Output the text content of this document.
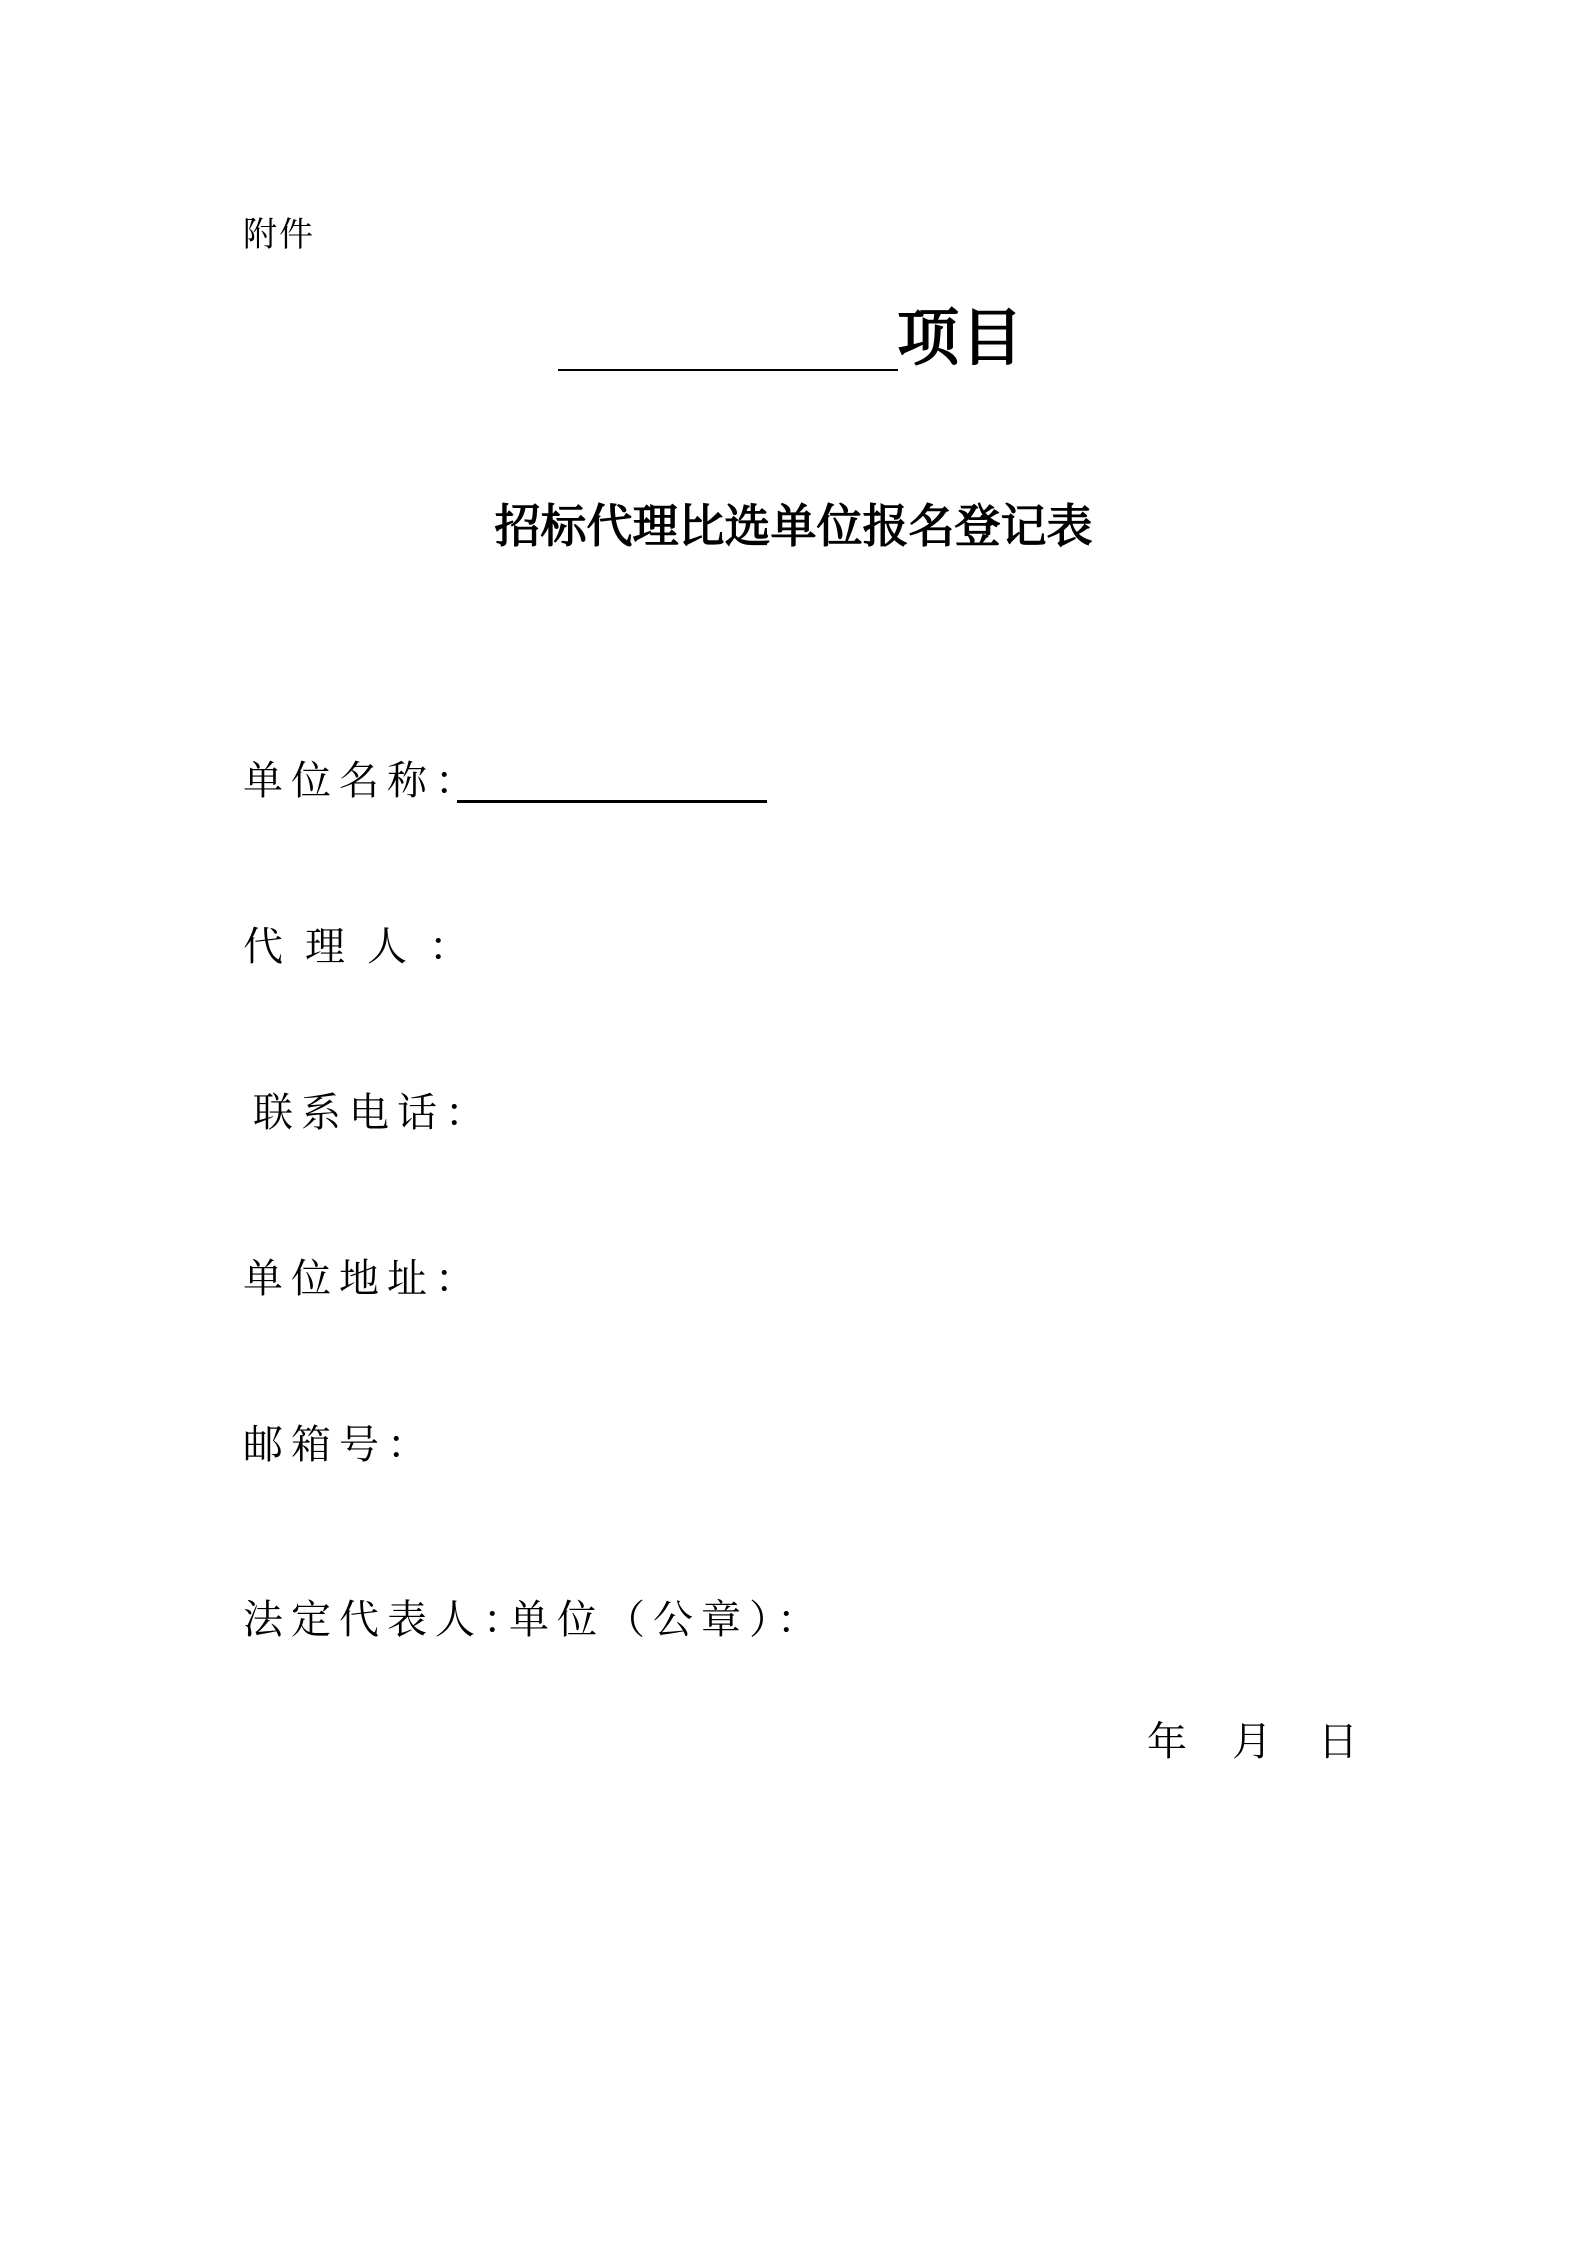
附件
项目
招标代理比选单位报名登记表
单位名称：
代理人：
联系电话：
单位地址：
邮箱号：
法定代表人：
单位（公章）：
年 月 日
